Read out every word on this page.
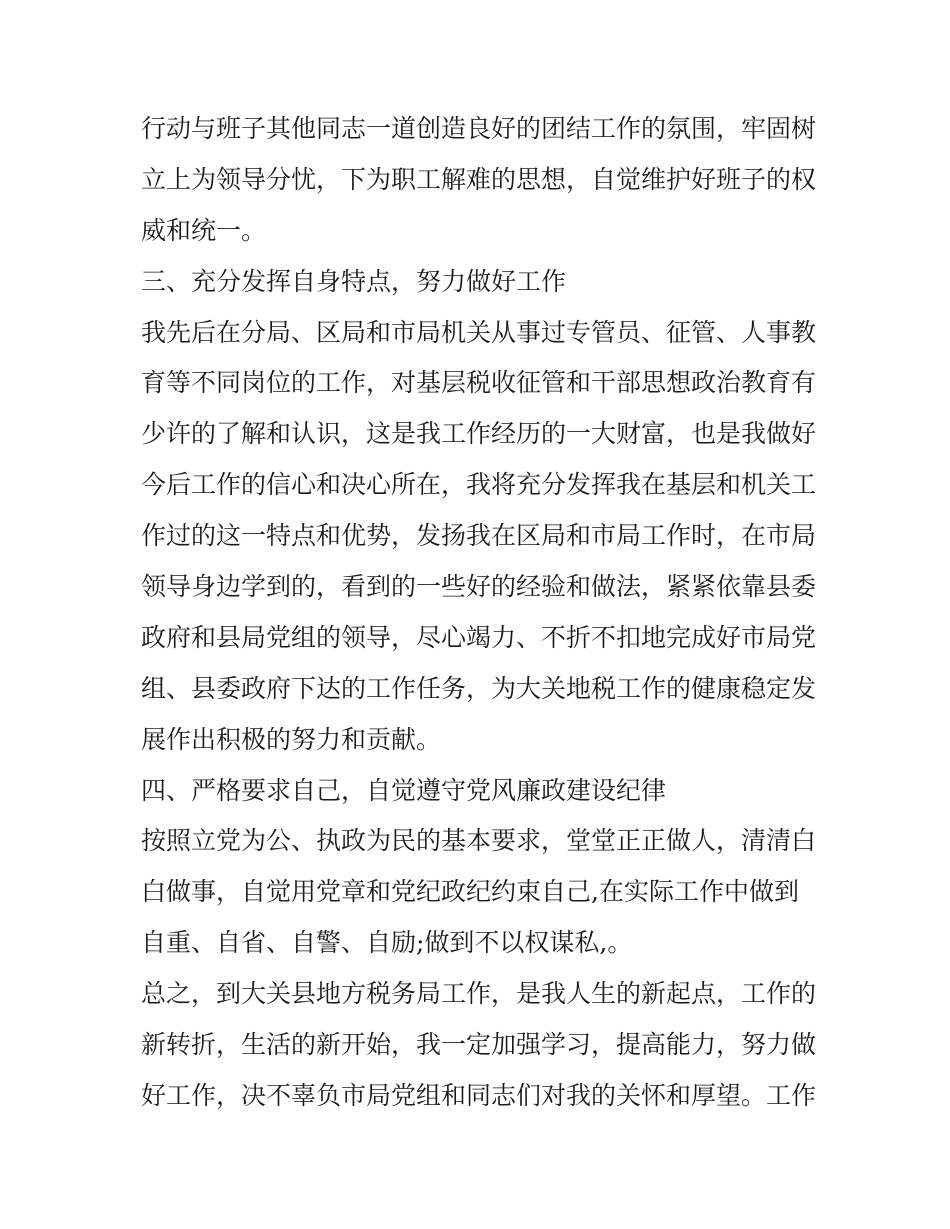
行动与班子其他同志一道创造良好的团结工作的氛围，牢固树
立上为领导分忧，下为职工解难的思想，自觉维护好班子的权
威和统一。
三、充分发挥自身特点，努力做好工作
我先后在分局、区局和市局机关从事过专管员、征管、人事教
育等不同岗位的工作，对基层税收征管和干部思想政治教育有
少许的了解和认识，这是我工作经历的一大财富，也是我做好
今后工作的信心和决心所在，我将充分发挥我在基层和机关工
作过的这一特点和优势，发扬我在区局和市局工作时，在市局
领导身边学到的，看到的一些好的经验和做法，紧紧依靠县委
政府和县局党组的领导，尽心竭力、不折不扣地完成好市局党
组、县委政府下达的工作任务，为大关地税工作的健康稳定发
展作出积极的努力和贡献。
四、严格要求自己，自觉遵守党风廉政建设纪律
按照立党为公、执政为民的基本要求，堂堂正正做人，清清白
白做事，自觉用党章和党纪政纪约束自己,在实际工作中做到
自重、自省、自警、自励;做到不以权谋私,。
总之，到大关县地方税务局工作，是我人生的新起点，工作的
新转折，生活的新开始，我一定加强学习，提高能力，努力做
好工作，决不辜负市局党组和同志们对我的关怀和厚望。工作
